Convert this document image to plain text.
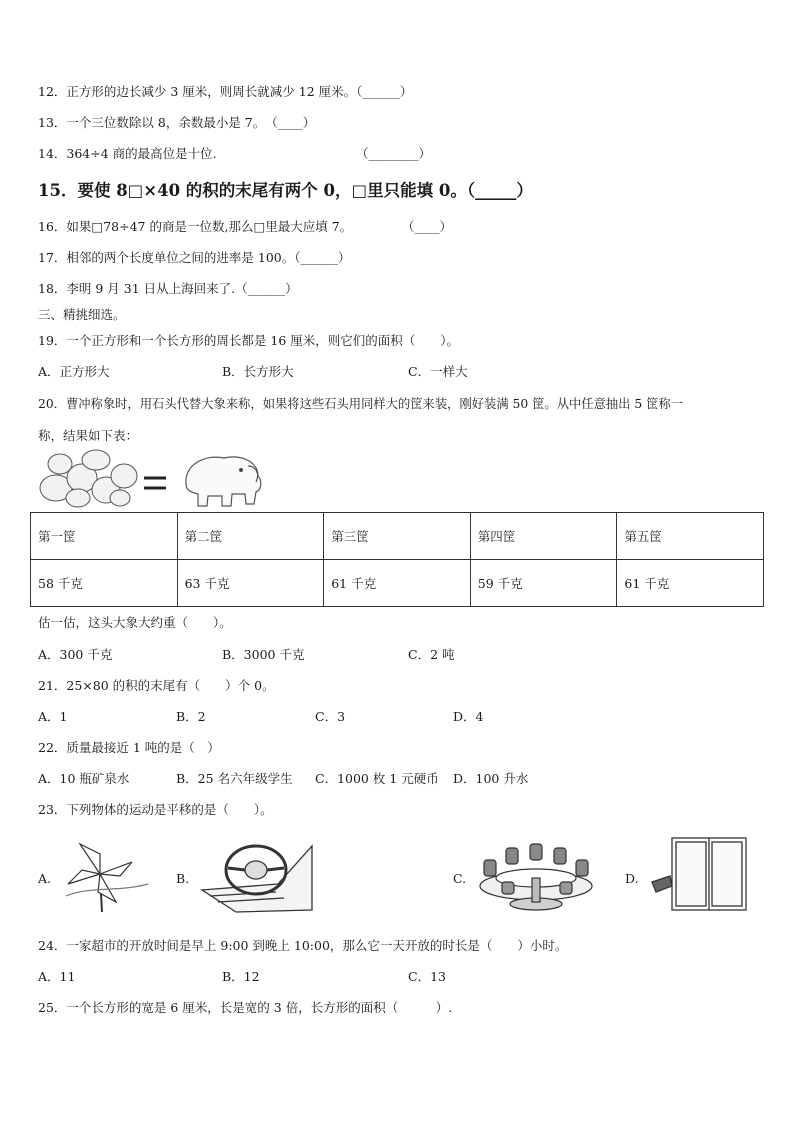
12．正方形的边长减少 3 厘米，则周长就减少 12 厘米。（______）
13．一个三位数除以 8，余数最小是 7。　（____）
14．364÷4 商的最高位是十位.	（________）
15．要使 8□×40 的积的末尾有两个 0，□里只能填 0。（_____）
16．如果□78÷47 的商是一位数,那么□里最大应填 7。	（____）
17．相邻的两个长度单位之间的进率是 100。（______）
18．李明 9 月 31 日从上海回来了.（______）
三、精挑细选。
19．一个正方形和一个长方形的周长都是 16 厘米，则它们的面积（　　）。
A．正方形大	B．长方形大	C．一样大
20．曹冲称象时，用石头代替大象来称，如果将这些石头用同样大的筐来装，刚好装满 50 筐。从中任意抽出 5 筐称一
称，结果如下表：
第一筐	第二筐	第三筐	第四筐	第五筐
58 千克	63 千克	61 千克	59 千克	61 千克
估一估，这头大象大约重（　　）。
A．300 千克	B．3000 千克	C．2 吨
21．25×80 的积的末尾有（　　）个 0。
A．1	B．2	C．3	D．4
22．质量最接近 1 吨的是（　）
A．10 瓶矿泉水	B．25 名六年级学生 C．1000 枚 1 元硬币 D．100 升水
23．下列物体的运动是平移的是（　　）。
A.	B.	C.	D.
24．一家超市的开放时间是早上 9:00 到晚上 10:00，那么它一天开放的时长是（　　）小时。
A．11	B．12	C．13
25．一个长方形的宽是 6 厘米，长是宽的 3 倍，长方形的面积（　　　）.
